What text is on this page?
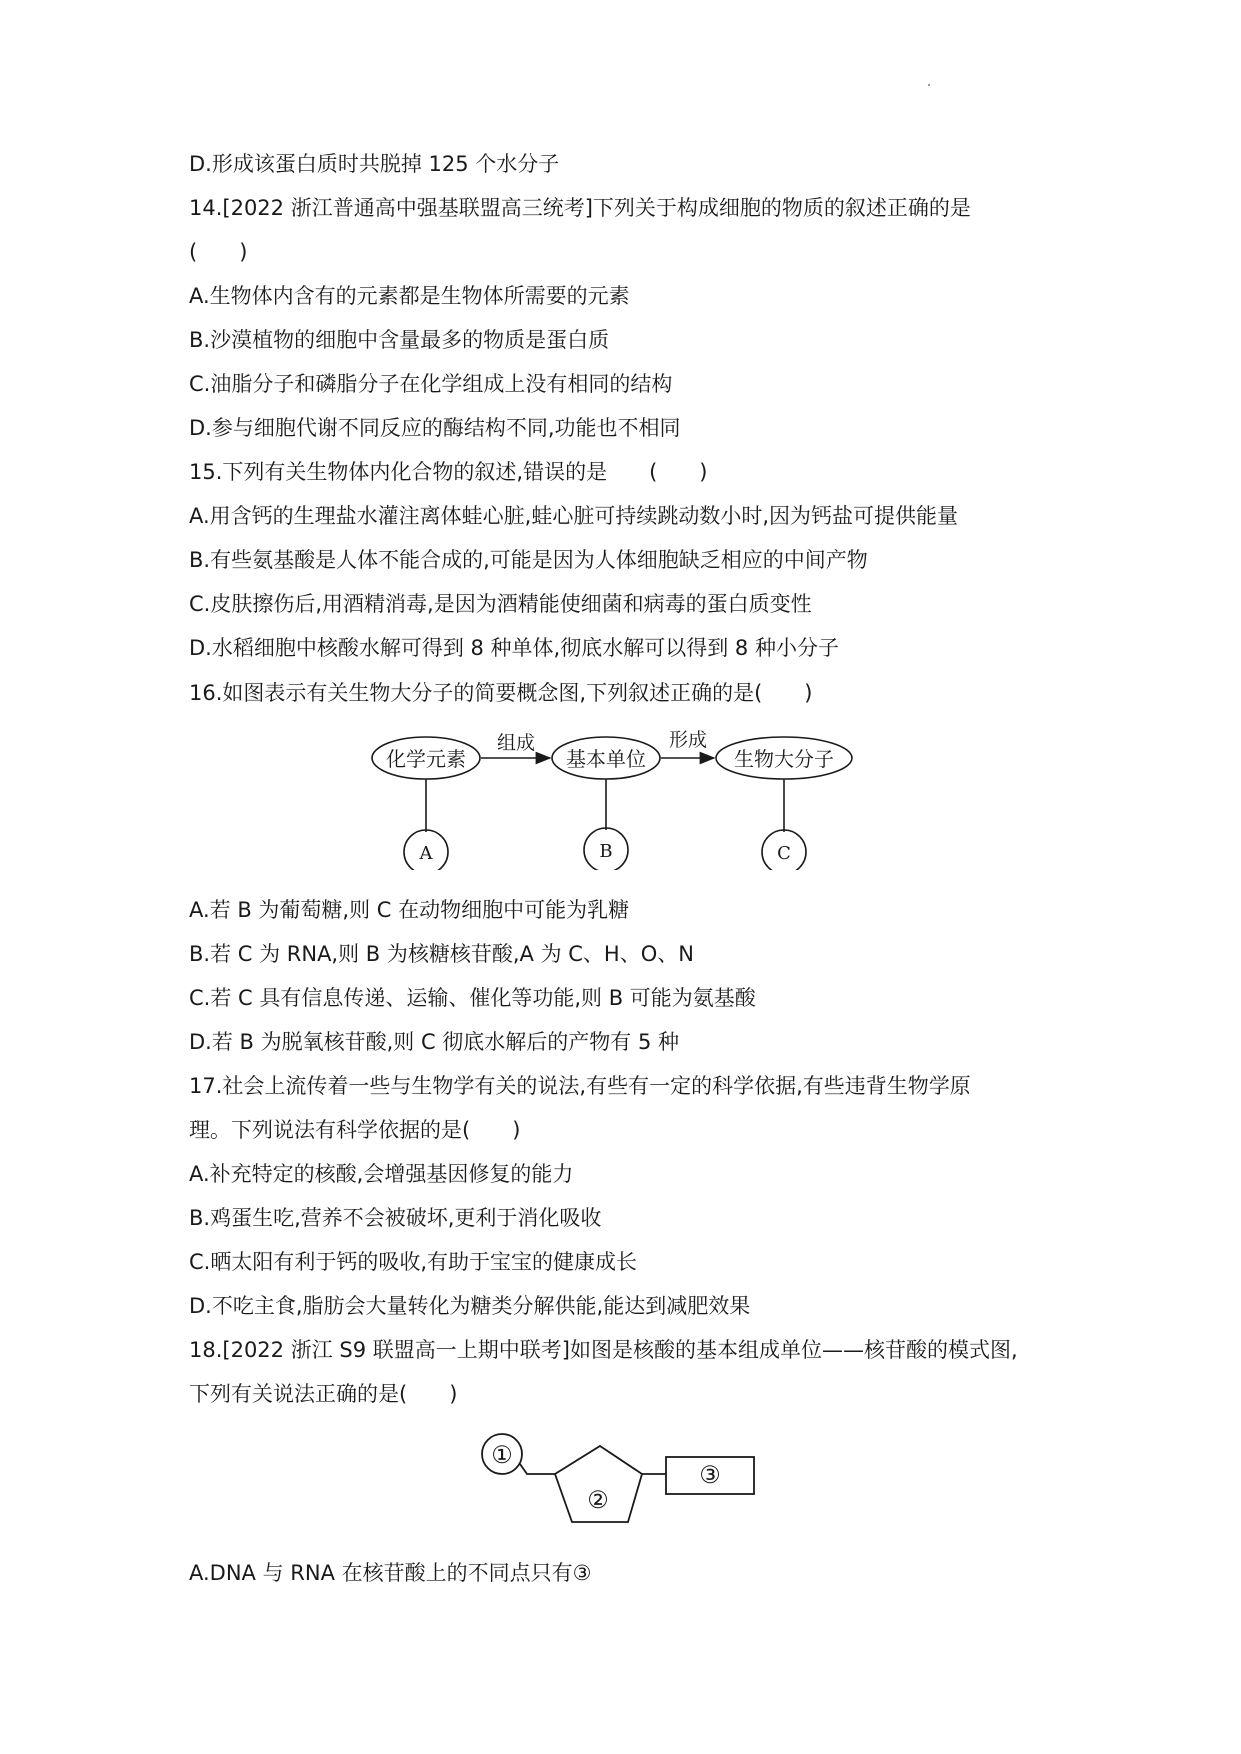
D.形成该蛋白质时共脱掉 125 个水分子
14.[2022 浙江普通高中强基联盟高三统考]下列关于构成细胞的物质的叙述正确的是
(　　)
A.生物体内含有的元素都是生物体所需要的元素
B.沙漠植物的细胞中含量最多的物质是蛋白质
C.油脂分子和磷脂分子在化学组成上没有相同的结构
D.参与细胞代谢不同反应的酶结构不同,功能也不相同
15.下列有关生物体内化合物的叙述,错误的是　　(　　)
A.用含钙的生理盐水灌注离体蛙心脏,蛙心脏可持续跳动数小时,因为钙盐可提供能量
B.有些氨基酸是人体不能合成的,可能是因为人体细胞缺乏相应的中间产物
C.皮肤擦伤后,用酒精消毒,是因为酒精能使细菌和病毒的蛋白质变性
D.水稻细胞中核酸水解可得到 8 种单体,彻底水解可以得到 8 种小分子
16.如图表示有关生物大分子的简要概念图,下列叙述正确的是(　　)
化学元素	基本单位	生物大分子
组成	形成
A	B	C
A.若 B 为葡萄糖,则 C 在动物细胞中可能为乳糖
B.若 C 为 RNA,则 B 为核糖核苷酸,A 为 C、H、O、N
C.若 C 具有信息传递、运输、催化等功能,则 B 可能为氨基酸
D.若 B 为脱氧核苷酸,则 C 彻底水解后的产物有 5 种
17.社会上流传着一些与生物学有关的说法,有些有一定的科学依据,有些违背生物学原
理。下列说法有科学依据的是(　　)
A.补充特定的核酸,会增强基因修复的能力
B.鸡蛋生吃,营养不会被破坏,更利于消化吸收
C.晒太阳有利于钙的吸收,有助于宝宝的健康成长
D.不吃主食,脂肪会大量转化为糖类分解供能,能达到减肥效果
18.[2022 浙江 S9 联盟高一上期中联考]如图是核酸的基本组成单位——核苷酸的模式图,
下列有关说法正确的是(　　)
①
②
③
A.DNA 与 RNA 在核苷酸上的不同点只有③
